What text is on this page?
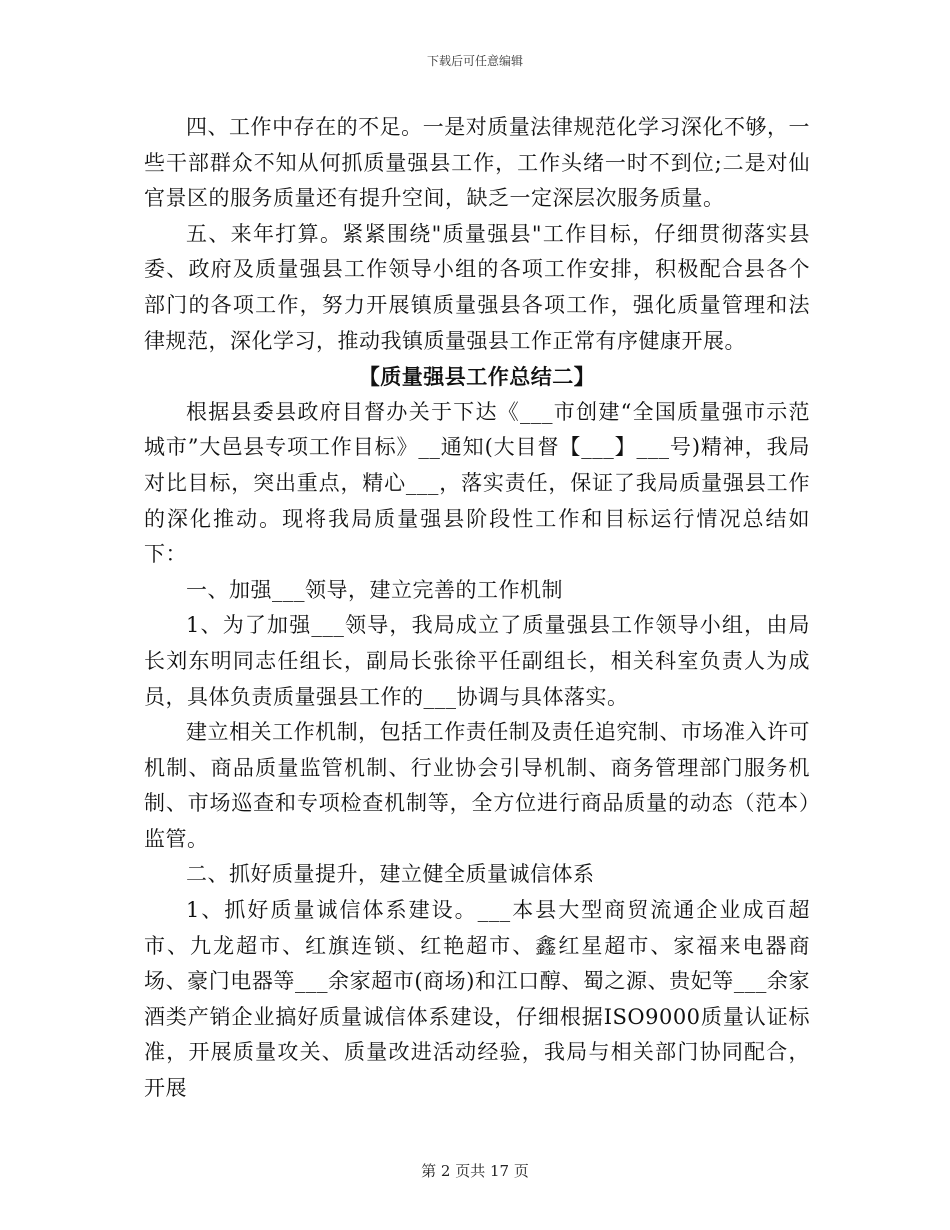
下载后可任意编辑

四、工作中存在的不足。一是对质量法律规范化学习深化不够，一些干部群众不知从何抓质量强县工作，工作头绪一时不到位;二是对仙官景区的服务质量还有提升空间，缺乏一定深层次服务质量。

五、来年打算。紧紧围绕"质量强县"工作目标，仔细贯彻落实县委、政府及质量强县工作领导小组的各项工作安排，积极配合县各个部门的各项工作，努力开展镇质量强县各项工作，强化质量管理和法律规范，深化学习，推动我镇质量强县工作正常有序健康开展。

【质量强县工作总结二】

根据县委县政府目督办关于下达《___市创建“全国质量强市示范城市”大邑县专项工作目标》__通知(大目督【___】___号)精神，我局对比目标，突出重点，精心___，落实责任，保证了我局质量强县工作的深化推动。现将我局质量强县阶段性工作和目标运行情况总结如下：

一、加强___领导，建立完善的工作机制

1、为了加强___领导，我局成立了质量强县工作领导小组，由局长刘东明同志任组长，副局长张徐平任副组长，相关科室负责人为成员，具体负责质量强县工作的___协调与具体落实。

建立相关工作机制，包括工作责任制及责任追究制、市场准入许可机制、商品质量监管机制、行业协会引导机制、商务管理部门服务机制、市场巡查和专项检查机制等，全方位进行商品质量的动态（范本）监管。

二、抓好质量提升，建立健全质量诚信体系

1、抓好质量诚信体系建设。___本县大型商贸流通企业成百超市、九龙超市、红旗连锁、红艳超市、鑫红星超市、家福来电器商场、豪门电器等___余家超市(商场)和江口醇、蜀之源、贵妃等___余家酒类产销企业搞好质量诚信体系建设，仔细根据ISO9000质量认证标准，开展质量攻关、质量改进活动经验，我局与相关部门协同配合，开展

第 2 页共 17 页
